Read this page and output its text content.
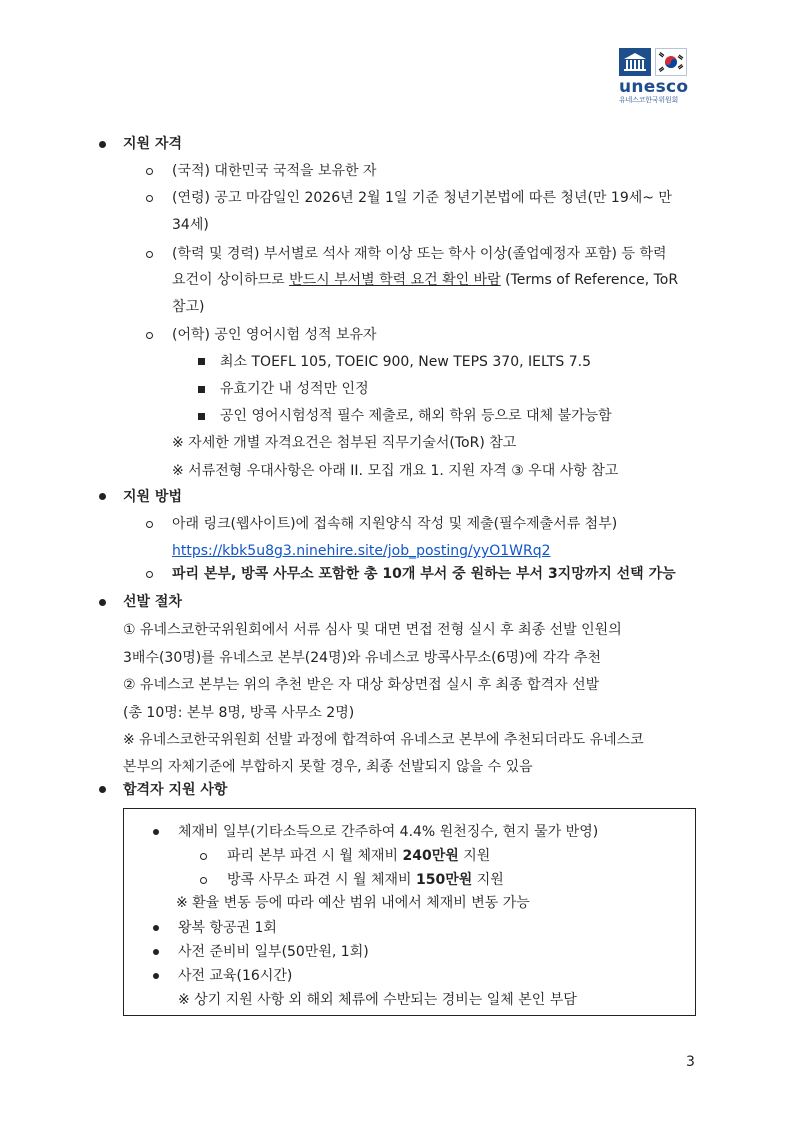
unesco
유네스코한국위원회
지원 자격
(국적) 대한민국 국적을 보유한 자
(연령) 공고 마감일인 2026년 2월 1일 기준 청년기본법에 따른 청년(만 19세~ 만
34세)
(학력 및 경력) 부서별로 석사 재학 이상 또는 학사 이상(졸업예정자 포함) 등 학력
요건이 상이하므로 반드시 부서별 학력 요건 확인 바람 (Terms of Reference, ToR
참고)
(어학) 공인 영어시험 성적 보유자
최소 TOEFL 105, TOEIC 900, New TEPS 370, IELTS 7.5
유효기간 내 성적만 인정
공인 영어시험성적 필수 제출로, 해외 학위 등으로 대체 불가능함
※ 자세한 개별 자격요건은 첨부된 직무기술서(ToR) 참고
※ 서류전형 우대사항은 아래 II. 모집 개요 1. 지원 자격 ③ 우대 사항 참고
지원 방법
아래 링크(웹사이트)에 접속해 지원양식 작성 및 제출(필수제출서류 첨부)
https://kbk5u8g3.ninehire.site/job_posting/yyO1WRq2
파리 본부, 방콕 사무소 포함한 총 10개 부서 중 원하는 부서 3지망까지 선택 가능
선발 절차
① 유네스코한국위원회에서 서류 심사 및 대면 면접 전형 실시 후 최종 선발 인원의
3배수(30명)를 유네스코 본부(24명)와 유네스코 방콕사무소(6명)에 각각 추천
② 유네스코 본부는 위의 추천 받은 자 대상 화상면접 실시 후 최종 합격자 선발
(총 10명: 본부 8명, 방콕 사무소 2명)
※ 유네스코한국위원회 선발 과정에 합격하여 유네스코 본부에 추천되더라도 유네스코
본부의 자체기준에 부합하지 못할 경우, 최종 선발되지 않을 수 있음
합격자 지원 사항
체재비 일부(기타소득으로 간주하여 4.4% 원천징수, 현지 물가 반영)
파리 본부 파견 시 월 체재비 240만원 지원
방콕 사무소 파견 시 월 체재비 150만원 지원
※ 환율 변동 등에 따라 예산 범위 내에서 체재비 변동 가능
왕복 항공권 1회
사전 준비비 일부(50만원, 1회)
사전 교육(16시간)
※ 상기 지원 사항 외 해외 체류에 수반되는 경비는 일체 본인 부담
3
